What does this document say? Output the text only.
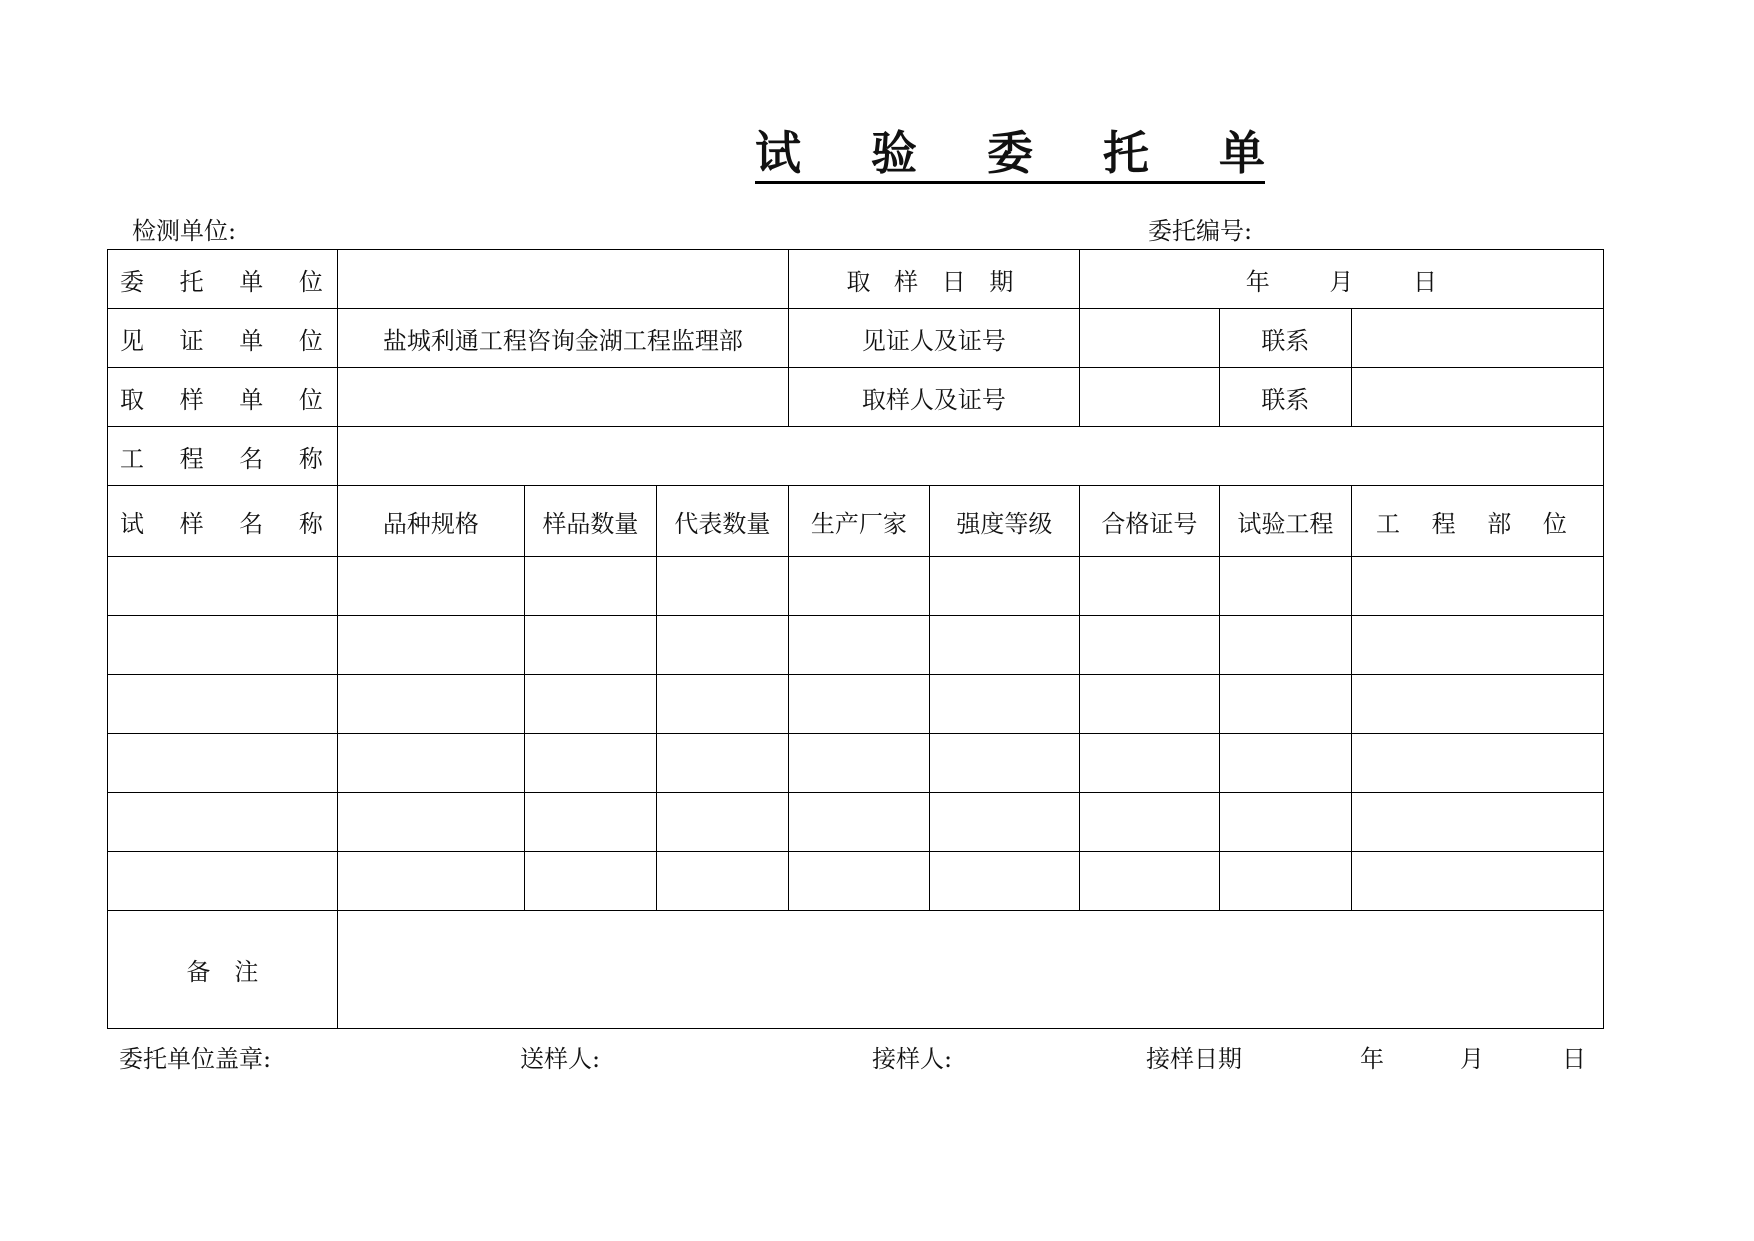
试 验 委 托 单
检测单位:	委托编号:
委 托 单 位				取 样 日 期		年 月 日		
见 证 单 位	盐城利通工程咨询金湖工程监理部			见证人及证号			联系	
取 样 单 位				取样人及证号			联系	
工 程 名 称								
试 样 名 称	品种规格	样品数量	代表数量	生产厂家	强度等级	合格证号	试验工程	工 程 部 位

备　注								
委托单位盖章:	送样人:	接样人:	接样日期	年	月	日
